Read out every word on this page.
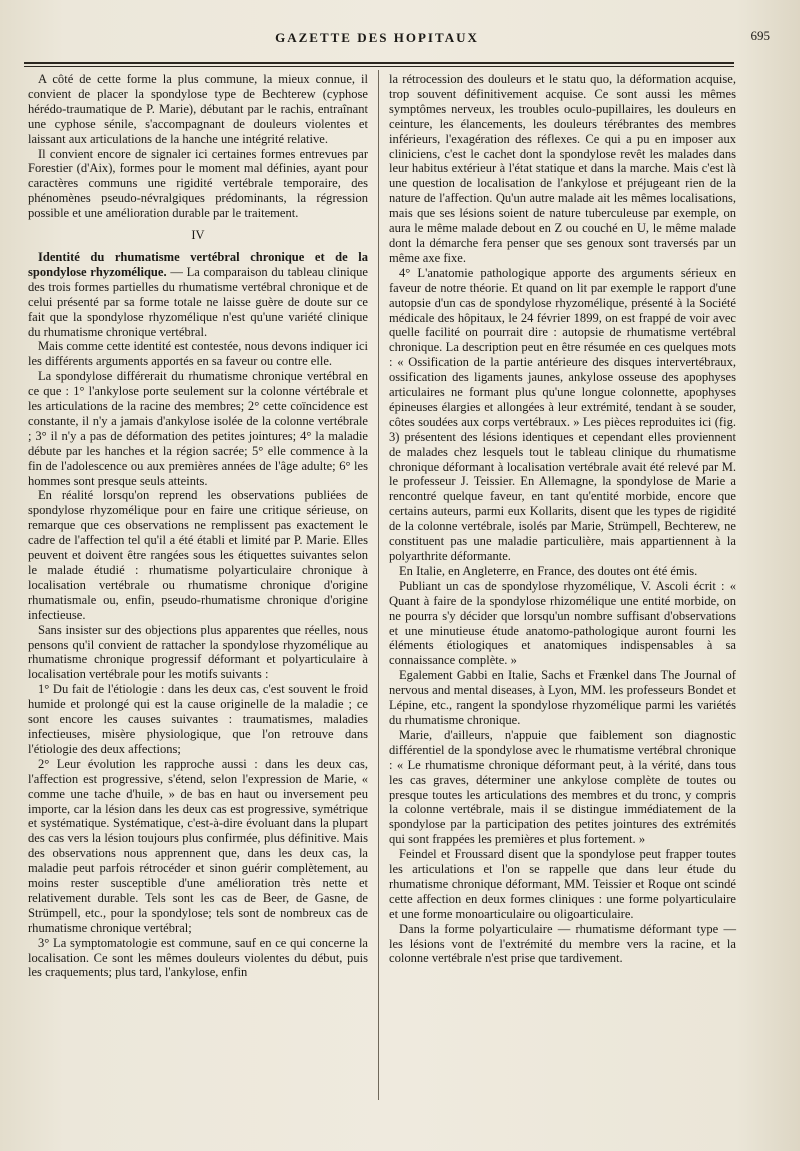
GAZETTE DES HOPITAUX	695

A côté de cette forme la plus commune, la mieux connue, il convient de placer la spondylose type de Bechterew (cyphose hérédo-traumatique de P. Marie), débutant par le rachis, entraînant une cyphose sénile, s'accompagnant de douleurs violentes et laissant aux articulations de la hanche une intégrité relative.

Il convient encore de signaler ici certaines formes entrevues par Forestier (d'Aix), formes pour le moment mal définies, ayant pour caractères communs une rigidité vertébrale temporaire, des phénomènes pseudo-névralgiques prédominants, la régression possible et une amélioration durable par le traitement.

IV

Identité du rhumatisme vertébral chronique et de la spondylose rhyzomélique. — La comparaison du tableau clinique des trois formes partielles du rhumatisme vertébral chronique et de celui présenté par sa forme totale ne laisse guère de doute sur ce fait que la spondylose rhyzomélique n'est qu'une variété clinique du rhumatisme chronique vertébral.

Mais comme cette identité est contestée, nous devons indiquer ici les différents arguments apportés en sa faveur ou contre elle.

La spondylose différerait du rhumatisme chronique vertébral en ce que : 1° l'ankylose porte seulement sur la colonne vértébrale et les articulations de la racine des membres; 2° cette coïncidence est constante, il n'y a jamais d'ankylose isolée de la colonne vertébrale ; 3° il n'y a pas de déformation des petites jointures; 4° la maladie débute par les hanches et la région sacrée; 5° elle commence à la fin de l'adolescence ou aux premières années de l'âge adulte; 6° les hommes sont presque seuls atteints.

En réalité lorsqu'on reprend les observations publiées de spondylose rhyzomélique pour en faire une critique sérieuse, on remarque que ces observations ne remplissent pas exactement le cadre de l'affection tel qu'il a été établi et limité par P. Marie. Elles peuvent et doivent être rangées sous les étiquettes suivantes selon le malade étudié : rhumatisme polyarticulaire chronique à localisation vertébrale ou rhumatisme chronique d'origine rhumatismale ou, enfin, pseudo-rhumatisme chronique d'origine infectieuse.

Sans insister sur des objections plus apparentes que réelles, nous pensons qu'il convient de rattacher la spondylose rhyzomélique au rhumatisme chronique progressif déformant et polyarticulaire à localisation vertébrale pour les motifs suivants :

1° Du fait de l'étiologie : dans les deux cas, c'est souvent le froid humide et prolongé qui est la cause originelle de la maladie ; ce sont encore les causes suivantes : traumatismes, maladies infectieuses, misère physiologique, que l'on retrouve dans l'étiologie des deux affections;

2° Leur évolution les rapproche aussi : dans les deux cas, l'affection est progressive, s'étend, selon l'expression de Marie, « comme une tache d'huile, » de bas en haut ou inversement peu importe, car la lésion dans les deux cas est progressive, symétrique et systématique. Systématique, c'est-à-dire évoluant dans la plupart des cas vers la lésion toujours plus confirmée, plus définitive. Mais des observations nous apprennent que, dans les deux cas, la maladie peut parfois rétrocéder et sinon guérir complètement, au moins rester susceptible d'une amélioration très nette et relativement durable. Tels sont les cas de Beer, de Gasne, de Strümpell, etc., pour la spondylose; tels sont de nombreux cas de rhumatisme chronique vertébral;

3° La symptomatologie est commune, sauf en ce qui concerne la localisation. Ce sont les mêmes douleurs violentes du début, puis les craquements; plus tard, l'ankylose, enfin

la rétrocession des douleurs et le statu quo, la déformation acquise, trop souvent définitivement acquise. Ce sont aussi les mêmes symptômes nerveux, les troubles oculo-pupillaires, les douleurs en ceinture, les élancements, les douleurs térébrantes des membres inférieurs, l'exagération des réflexes. Ce qui a pu en imposer aux cliniciens, c'est le cachet dont la spondylose revêt les malades dans leur habitus extérieur à l'état statique et dans la marche. Mais c'est là une question de localisation de l'ankylose et préjugeant rien de la nature de l'affection. Qu'un autre malade ait les mêmes localisations, mais que ses lésions soient de nature tuberculeuse par exemple, on aura le même malade debout en Z ou couché en U, le même malade dont la démarche fera penser que ses genoux sont traversés par un même axe fixe.

4° L'anatomie pathologique apporte des arguments sérieux en faveur de notre théorie. Et quand on lit par exemple le rapport d'une autopsie d'un cas de spondylose rhyzomélique, présenté à la Société médicale des hôpitaux, le 24 février 1899, on est frappé de voir avec quelle facilité on pourrait dire : autopsie de rhumatisme vertébral chronique. La description peut en être résumée en ces quelques mots : « Ossification de la partie antérieure des disques intervertébraux, ossification des ligaments jaunes, ankylose osseuse des apophyses articulaires ne formant plus qu'une longue colonnette, apophyses épineuses élargies et allongées à leur extrémité, tendant à se souder, côtes soudées aux corps vertébraux. » Les pièces reproduites ici (fig. 3) présentent des lésions identiques et cependant elles proviennent de malades chez lesquels tout le tableau clinique du rhumatisme chronique déformant à localisation vertébrale avait été relevé par M. le professeur J. Teissier. En Allemagne, la spondylose de Marie a rencontré quelque faveur, en tant qu'entité morbide, encore que certains auteurs, parmi eux Kollarits, disent que les types de rigidité de la colonne vertébrale, isolés par Marie, Strümpell, Bechterew, ne constituent pas une maladie particulière, mais appartiennent à la polyarthrite déformante.

En Italie, en Angleterre, en France, des doutes ont été émis.

Publiant un cas de spondylose rhyzomélique, V. Ascoli écrit : « Quant à faire de la spondylose rhizomélique une entité morbide, on ne pourra s'y décider que lorsqu'un nombre suffisant d'observations et une minutieuse étude anatomo-pathologique auront fourni les éléments étiologiques et anatomiques indispensables à sa connaissance complète. »

Egalement Gabbi en Italie, Sachs et Frænkel dans The Journal of nervous and mental diseases, à Lyon, MM. les professeurs Bondet et Lépine, etc., rangent la spondylose rhyzomélique parmi les variétés du rhumatisme chronique.

Marie, d'ailleurs, n'appuie que faiblement son diagnostic différentiel de la spondylose avec le rhumatisme vertébral chronique : « Le rhumatisme chronique déformant peut, à la vérité, dans tous les cas graves, déterminer une ankylose complète de toutes ou presque toutes les articulations des membres et du tronc, y compris la colonne vertébrale, mais il se distingue immédiatement de la spondylose par la participation des petites jointures des extrémités qui sont frappées les premières et plus fortement. »

Feindel et Froussard disent que la spondylose peut frapper toutes les articulations et l'on se rappelle que dans leur étude du rhumatisme chronique déformant, MM. Teissier et Roque ont scindé cette affection en deux formes cliniques : une forme polyarticulaire et une forme monoarticulaire ou oligoarticulaire.

Dans la forme polyarticulaire — rhumatisme déformant type — les lésions vont de l'extrémité du membre vers la racine, et la colonne vertébrale n'est prise que tardivement.
